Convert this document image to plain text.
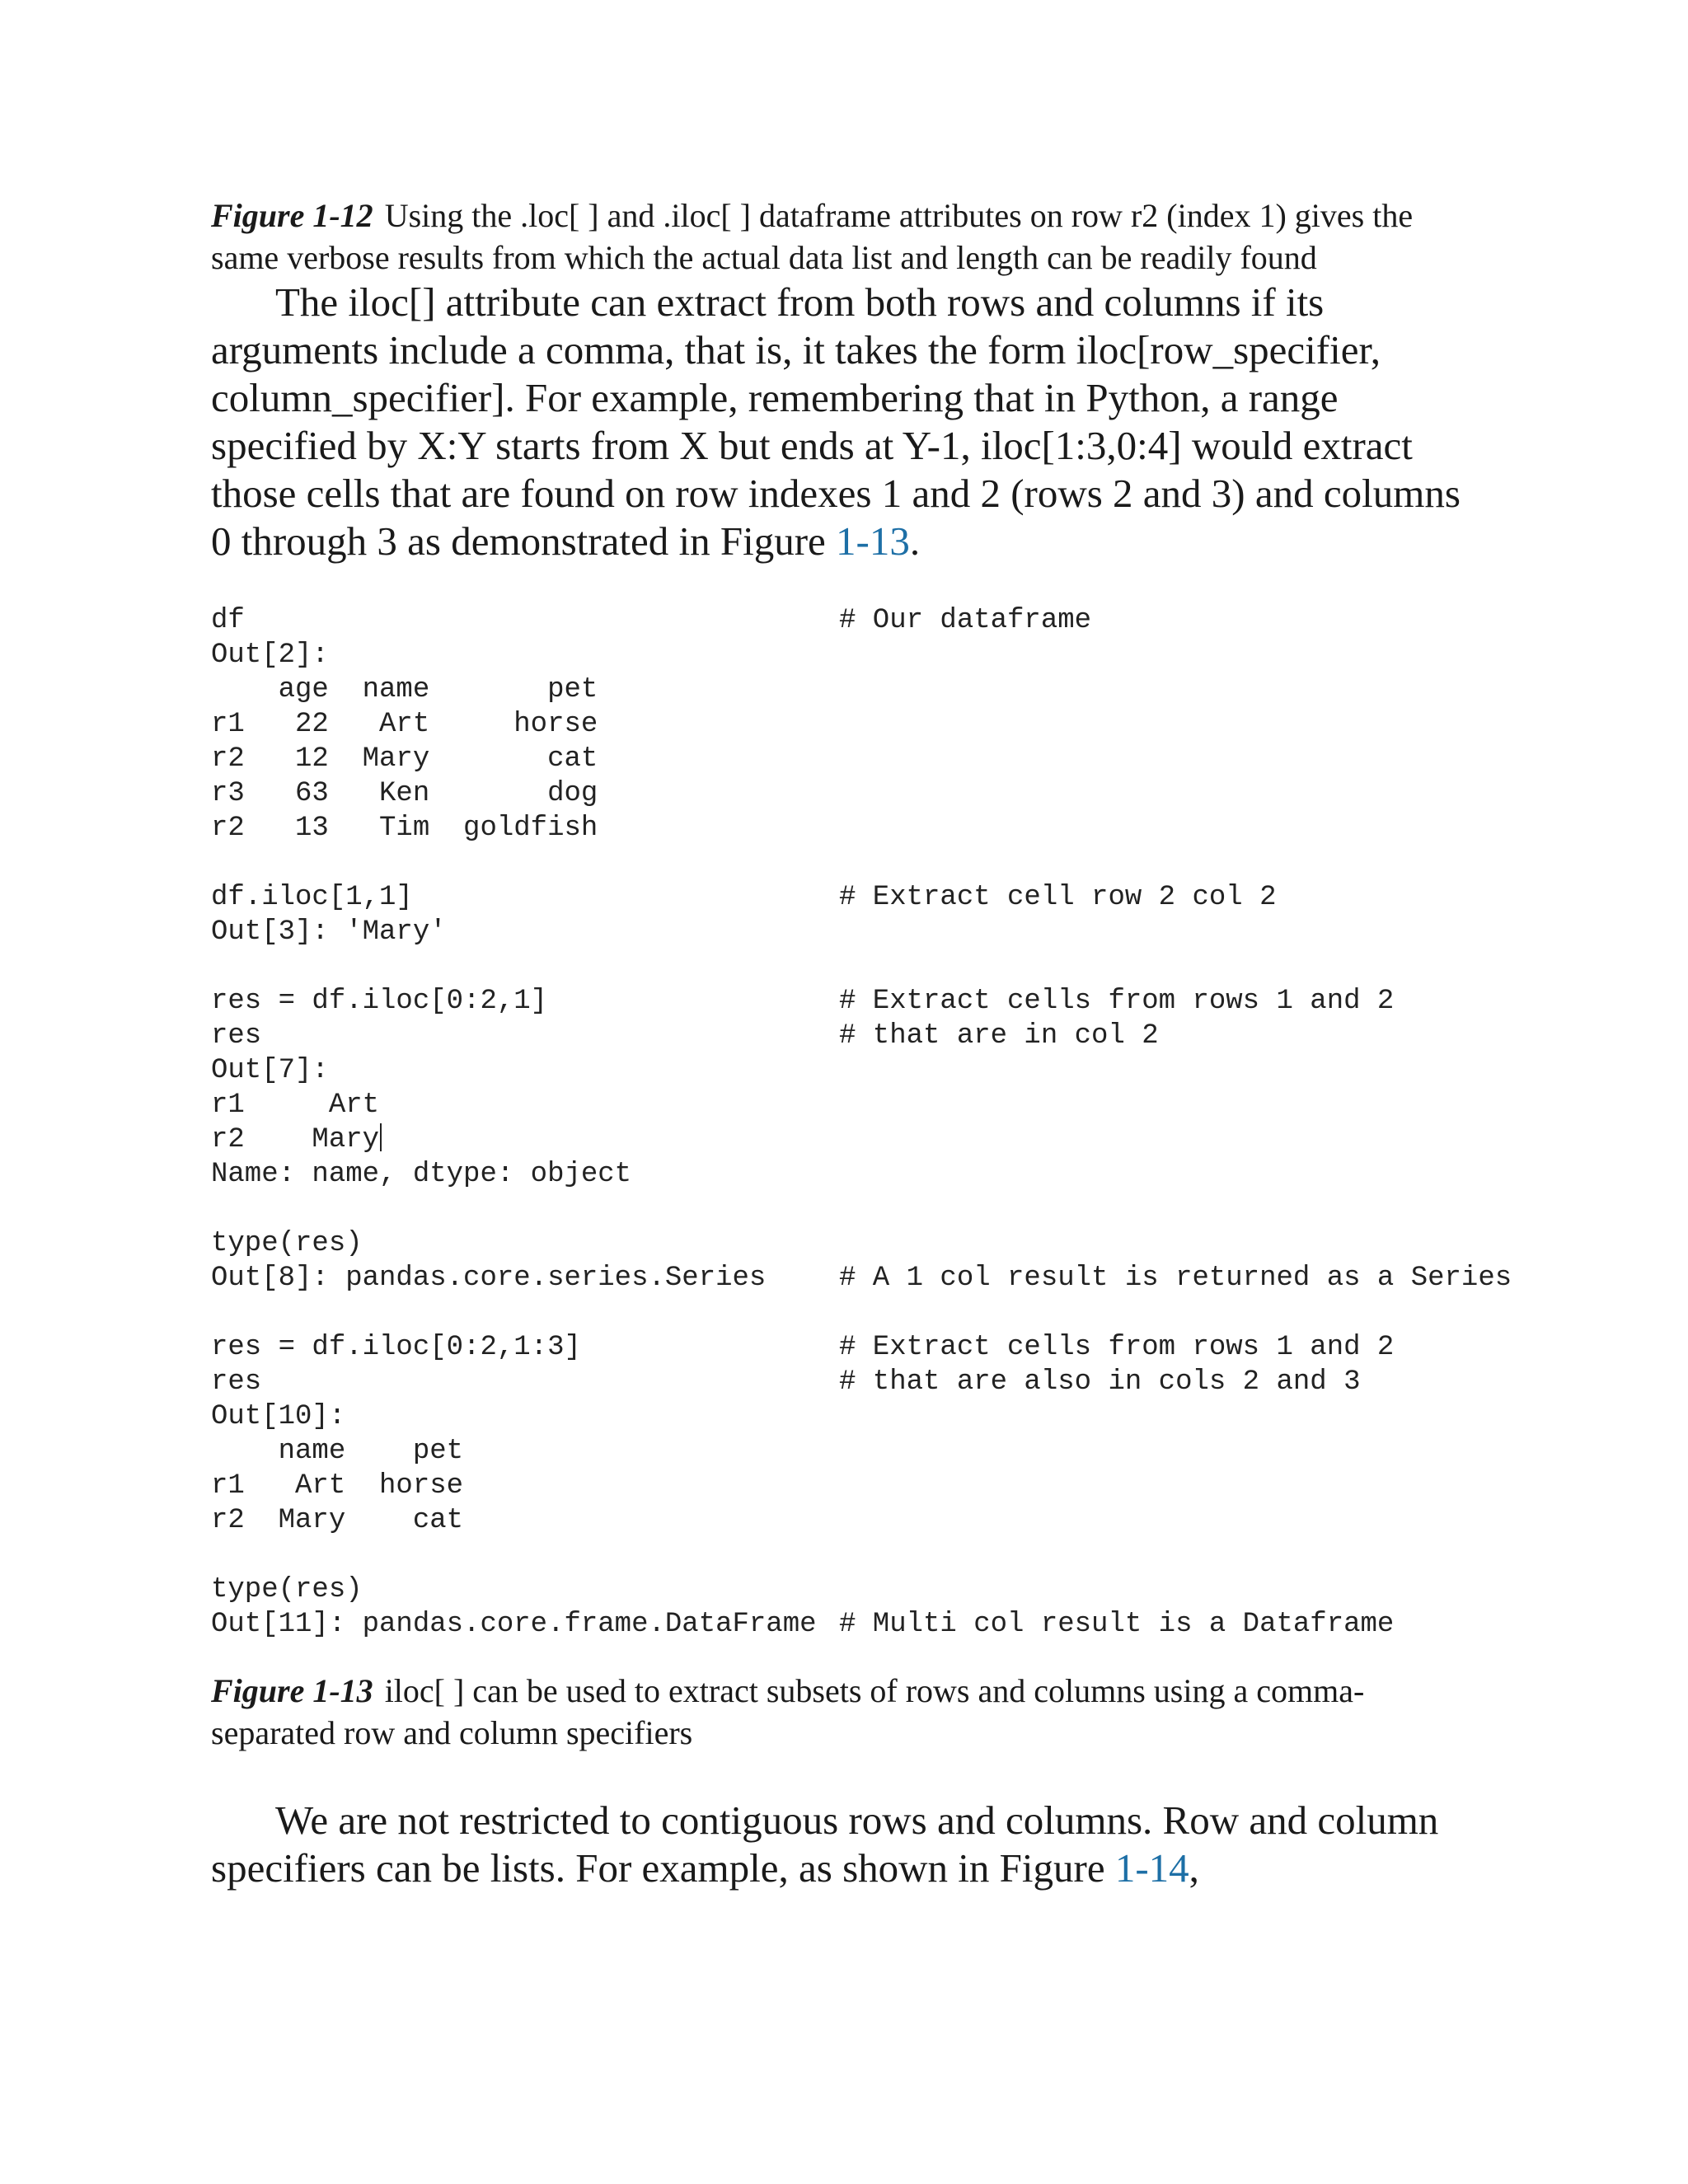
Figure 1-12 Using the .loc[ ] and .iloc[ ] dataframe attributes on row r2 (index 1) gives the same verbose results from which the actual data list and length can be readily found

The iloc[] attribute can extract from both rows and columns if its arguments include a comma, that is, it takes the form iloc[row_specifier, column_specifier]. For example, remembering that in Python, a range specified by X:Y starts from X but ends at Y-1, iloc[1:3,0:4] would extract those cells that are found on row indexes 1 and 2 (rows 2 and 3) and columns 0 through 3 as demonstrated in Figure 1-13.

df	# Our dataframe
Out[2]:
age  name       pet
r1   22   Art     horse
r2   12  Mary       cat
r3   63   Ken       dog
r2   13   Tim  goldfish
df.iloc[1,1]	# Extract cell row 2 col 2
Out[3]: 'Mary'
res = df.iloc[0:2,1]	# Extract cells from rows 1 and 2
res	# that are in col 2
Out[7]:
r1     Art
r2    Mary
Name: name, dtype: object
type(res)
Out[8]: pandas.core.series.Series	# A 1 col result is returned as a Series
res = df.iloc[0:2,1:3]	# Extract cells from rows 1 and 2
res	# that are also in cols 2 and 3
Out[10]:
name    pet
r1   Art  horse
r2  Mary    cat
type(res)
Out[11]: pandas.core.frame.DataFrame # Multi col result is a Dataframe

Figure 1-13 iloc[ ] can be used to extract subsets of rows and columns using a comma-separated row and column specifiers

We are not restricted to contiguous rows and columns. Row and column specifiers can be lists. For example, as shown in Figure 1-14,
